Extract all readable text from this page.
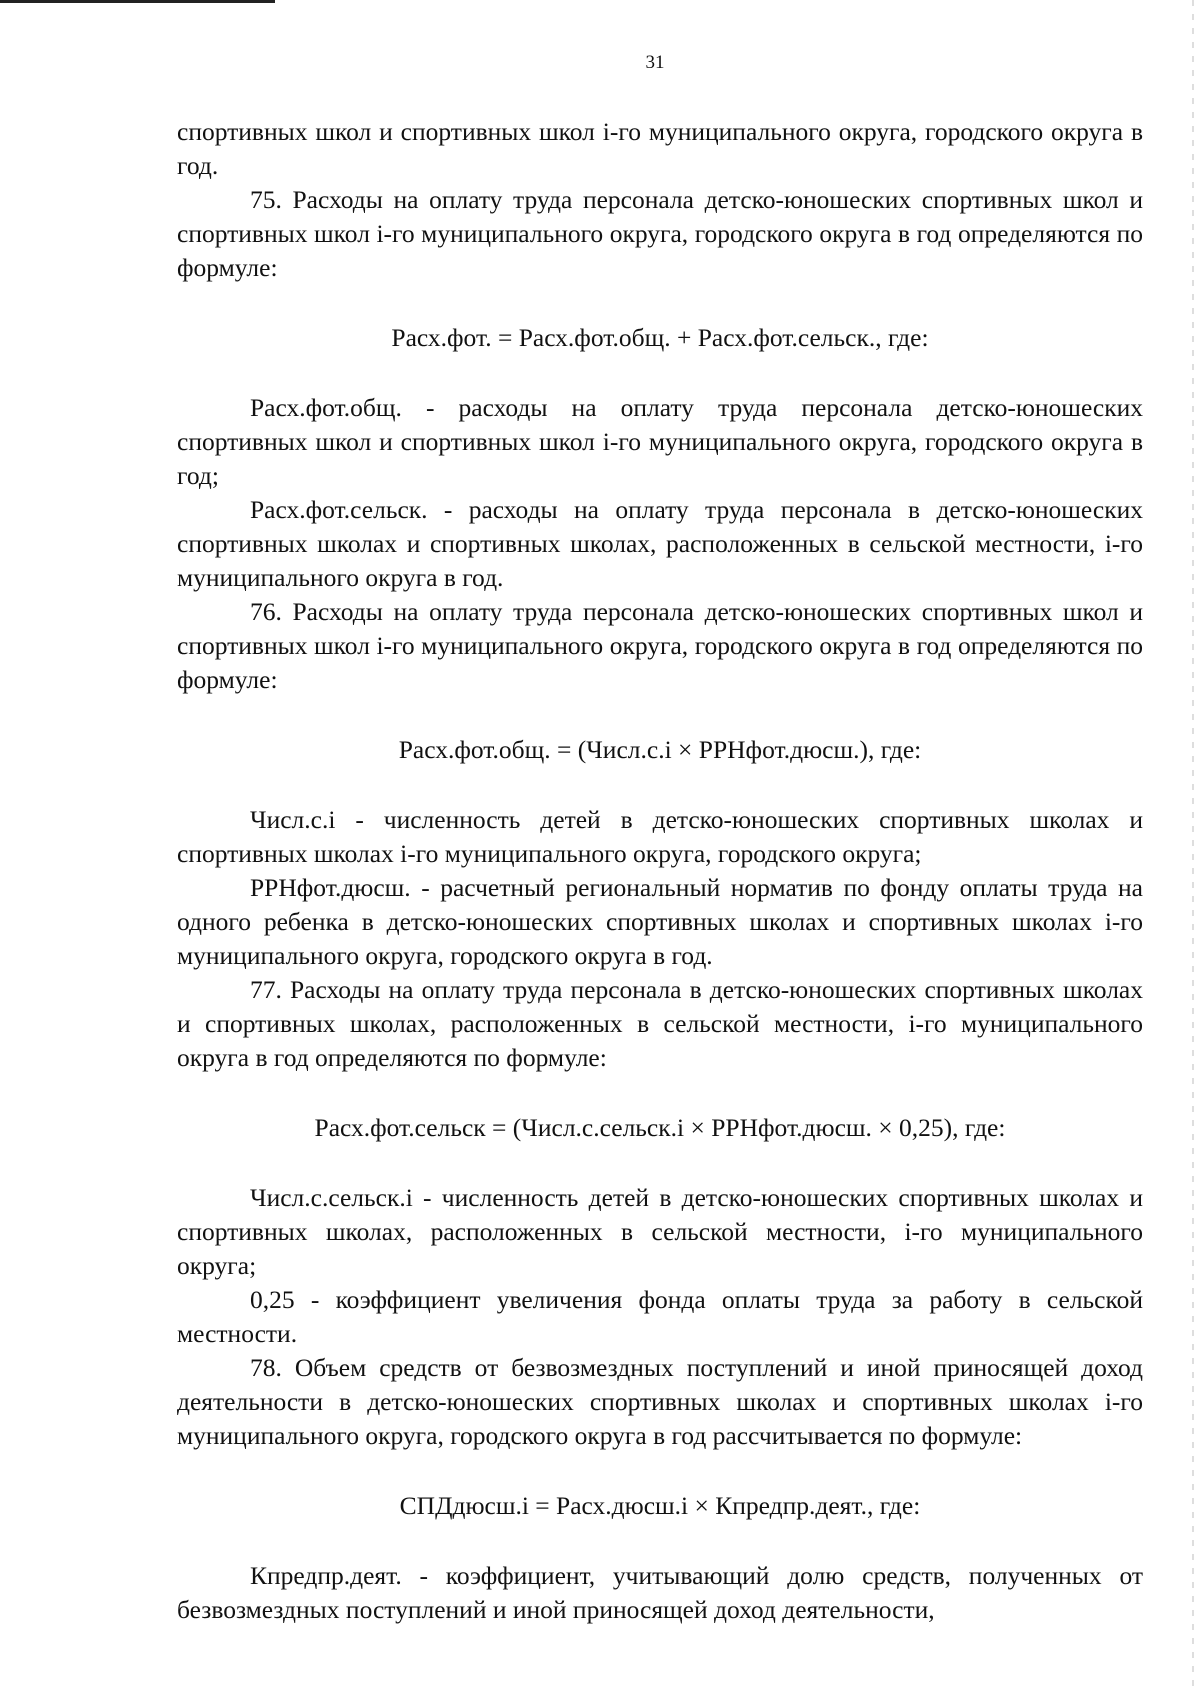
31

спортивных школ и спортивных школ i-го муниципального округа, городского округа в год.

75. Расходы на оплату труда персонала детско-юношеских спортивных школ и спортивных школ i-го муниципального округа, городского округа в год определяются по формуле:

Расх.фот. = Расх.фот.общ. + Расх.фот.сельск., где:

Расх.фот.общ. - расходы на оплату труда персонала детско-юношеских спортивных школ и спортивных школ i-го муниципального округа, городского округа в год;

Расх.фот.сельск. - расходы на оплату труда персонала в детско-юношеских спортивных школах и спортивных школах, расположенных в сельской местности, i-го муниципального округа в год.

76. Расходы на оплату труда персонала детско-юношеских спортивных школ и спортивных школ i-го муниципального округа, городского округа в год определяются по формуле:

Расх.фот.общ. = (Числ.с.i × РРНфот.дюсш.), где:

Числ.с.i - численность детей в детско-юношеских спортивных школах и спортивных школах i-го муниципального округа, городского округа;

РРНфот.дюсш. - расчетный региональный норматив по фонду оплаты труда на одного ребенка в детско-юношеских спортивных школах и спортивных школах i-го муниципального округа, городского округа в год.

77. Расходы на оплату труда персонала в детско-юношеских спортивных школах и спортивных школах, расположенных в сельской местности, i-го муниципального округа в год определяются по формуле:

Расх.фот.сельск = (Числ.с.сельск.i × РРНфот.дюсш. × 0,25), где:

Числ.с.сельск.i - численность детей в детско-юношеских спортивных школах и спортивных школах, расположенных в сельской местности, i-го муниципального округа;

0,25 - коэффициент увеличения фонда оплаты труда за работу в сельской местности.

78. Объем средств от безвозмездных поступлений и иной приносящей доход деятельности в детско-юношеских спортивных школах и спортивных школах i-го муниципального округа, городского округа в год рассчитывается по формуле:

СПДдюсш.i = Расх.дюсш.i × Кпредпр.деят., где:

Кпредпр.деят. - коэффициент, учитывающий долю средств, полученных от безвозмездных поступлений и иной приносящей доход деятельности,
